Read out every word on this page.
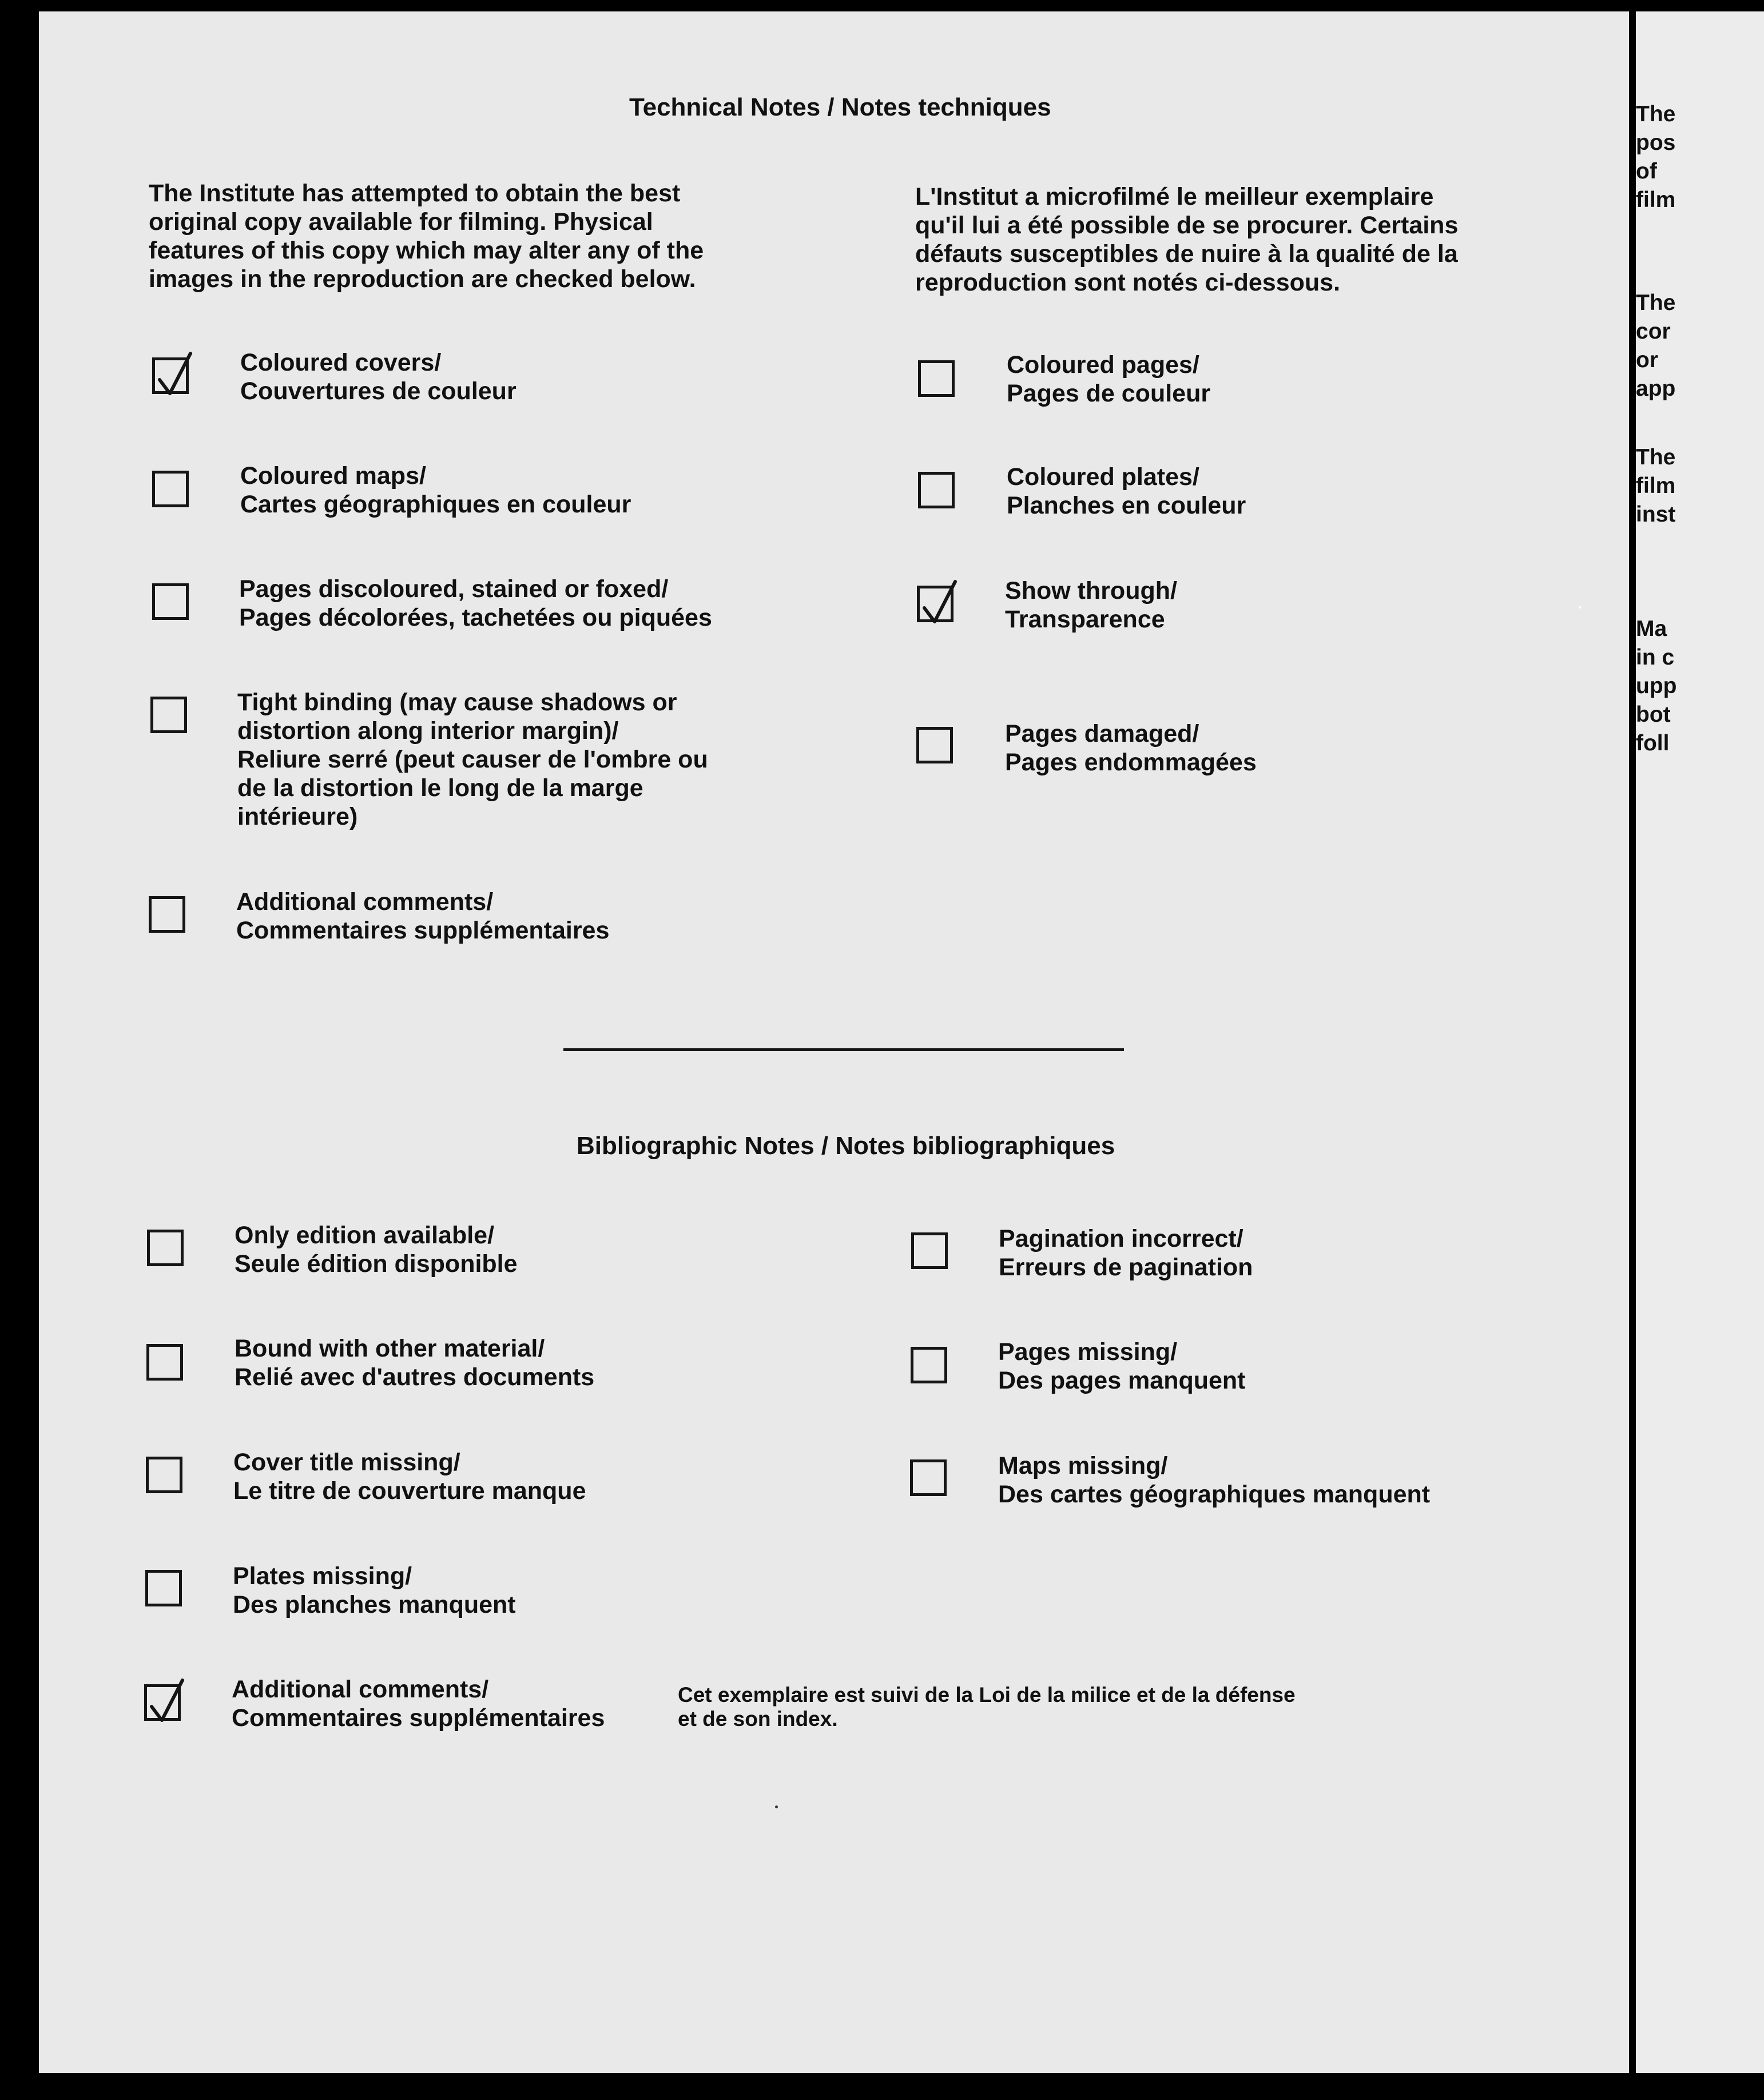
The
pos
of
film
The
cor
or
app
The
film
inst
Ma
in c
upp
bot
foll
Technical Notes / Notes techniques
The Institute has attempted to obtain the best
original copy available for filming. Physical
features of this copy which may alter any of the
images in the reproduction are checked below.
L'Institut a microfilmé le meilleur exemplaire
qu'il lui a été possible de se procurer. Certains
défauts susceptibles de nuire à la qualité de la
reproduction sont notés ci-dessous.
Coloured covers/
Couvertures de couleur
Coloured pages/
Pages de couleur
Coloured maps/
Cartes géographiques en couleur
Coloured plates/
Planches en couleur
Pages discoloured, stained or foxed/
Pages décolorées, tachetées ou piquées
Show through/
Transparence
Tight binding (may cause shadows or
distortion along interior margin)/
Reliure serré (peut causer de l'ombre ou
de la distortion le long de la marge
intérieure)
Pages damaged/
Pages endommagées
Additional comments/
Commentaires supplémentaires
Bibliographic Notes / Notes bibliographiques
Only edition available/
Seule édition disponible
Pagination incorrect/
Erreurs de pagination
Bound with other material/
Relié avec d'autres documents
Pages missing/
Des pages manquent
Cover title missing/
Le titre de couverture manque
Maps missing/
Des cartes géographiques manquent
Plates missing/
Des planches manquent
Additional comments/
Commentaires supplémentaires
Cet exemplaire est suivi de la Loi de la milice et de la défense
et de son index.
